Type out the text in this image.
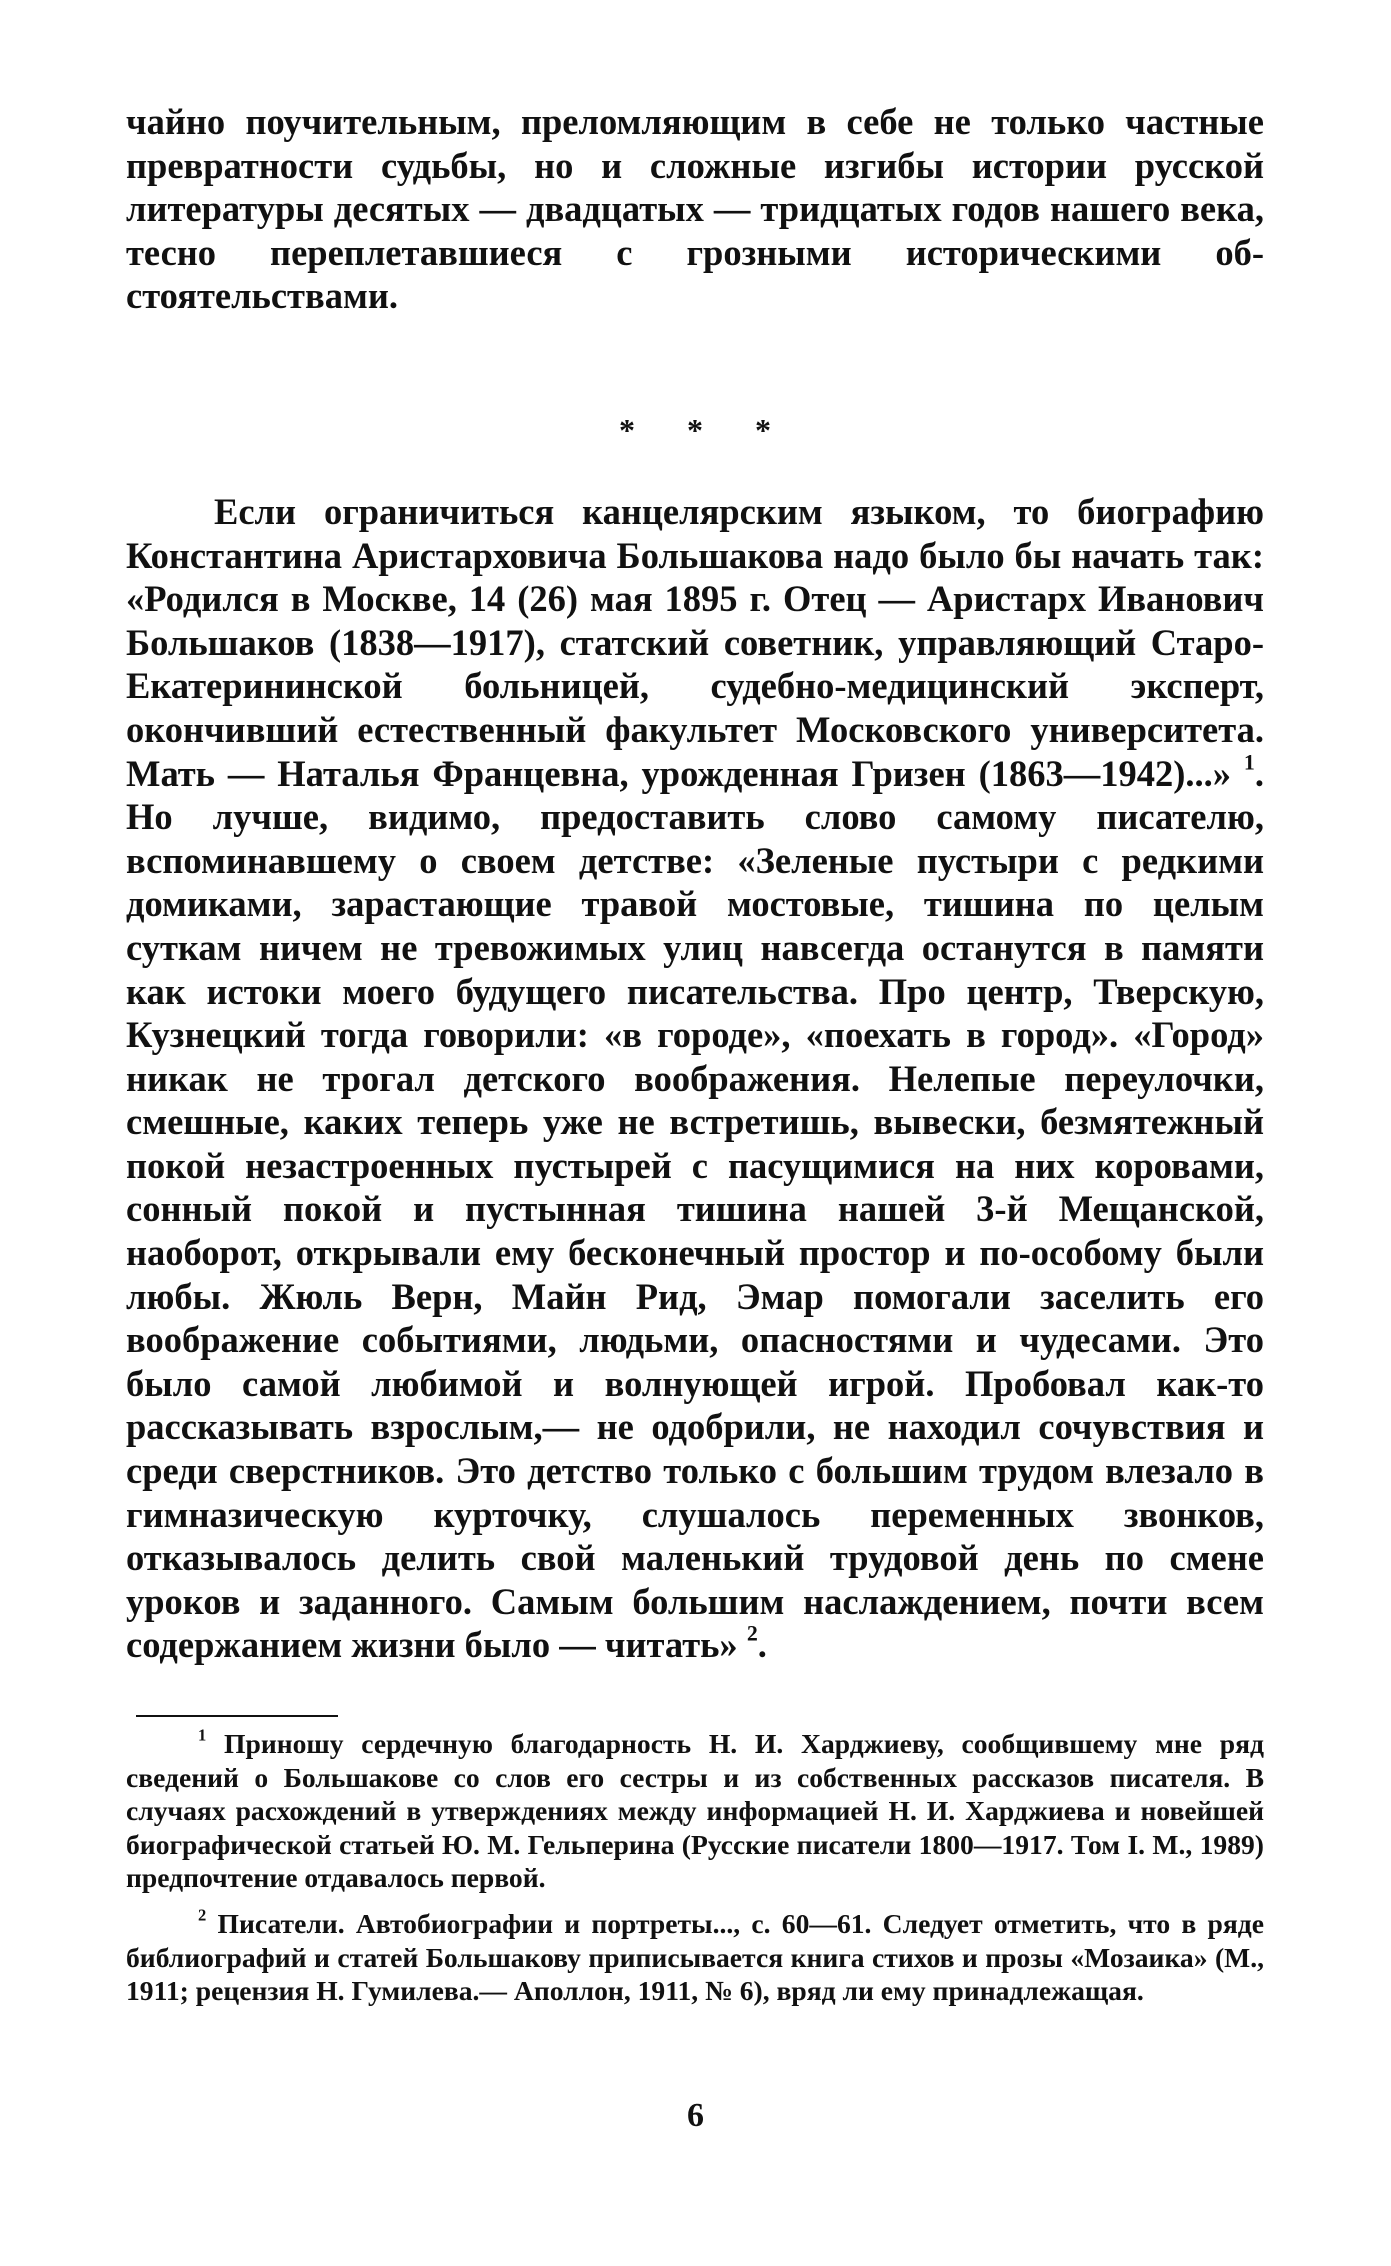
чайно поучительным, преломляющим в себе не только частные превратности судьбы, но и сложные изгибы истории русской литературы десятых — двадцатых — тридцатых годов нашего века, тесно переплетавшиеся с грозными историческими обстоятельствами.

* * *

Если ограничиться канцелярским языком, то биографию Константина Аристарховича Большакова надо было бы начать так: «Родился в Москве, 14 (26) мая 1895 г. Отец — Аристарх Иванович Большаков (1838—1917), статский советник, управляющий Старо-Екатерининской больницей, судебно-медицинский эксперт, окончивший естественный факультет Московского университета. Мать — Наталья Францевна, урожденная Гризен (1863—1942)...» $^1$. Но лучше, видимо, предоставить слово самому писателю, вспоминавшему о своем детстве: «Зеленые пустыри с редкими домиками, зарастающие травой мостовые, тишина по целым суткам ничем не тревожимых улиц навсегда останутся в памяти как истоки моего будущего писательства. Про центр, Тверскую, Кузнецкий тогда говорили: «в городе», «поехать в город». «Город» никак не трогал детского воображения. Нелепые переулочки, смешные, каких теперь уже не встретишь, вывески, безмятежный покой незастроенных пустырей с пасущимися на них коровами, сонный покой и пустынная тишина нашей 3-й Мещанской, наоборот, открывали ему бесконечный простор и по-особому были любы. Жюль Верн, Майн Рид, Эмар помогали заселить его воображение событиями, людьми, опасностями и чудесами. Это было самой любимой и волнующей игрой. Пробовал как-то рассказывать взрослым,— не одобрили, не находил сочувствия и среди сверстников. Это детство только с большим трудом влезало в гимназическую курточку, слушалось переменных звонков, отказывалось делить свой маленький трудовой день по смене уроков и заданного. Самым большим наслаждением, почти всем содержанием жизни было — читать» $^2$.

$^1$ Приношу сердечную благодарность Н. И. Харджиеву, сообщившему мне ряд сведений о Большакове со слов его сестры и из собственных рассказов писателя. В случаях расхождений в утверждениях между информацией Н. И. Харджиева и новейшей биографической статьей Ю. М. Гельперина (Русские писатели 1800—1917. Том I. М., 1989) предпочтение отдавалось первой.

$^2$ Писатели. Автобиографии и портреты..., с. 60—61. Следует отметить, что в ряде библиографий и статей Большакову приписывается книга стихов и прозы «Мозаика» (М., 1911; рецензия Н. Гумилева.— Аполлон, 1911, № 6), вряд ли ему принадлежащая.

6
